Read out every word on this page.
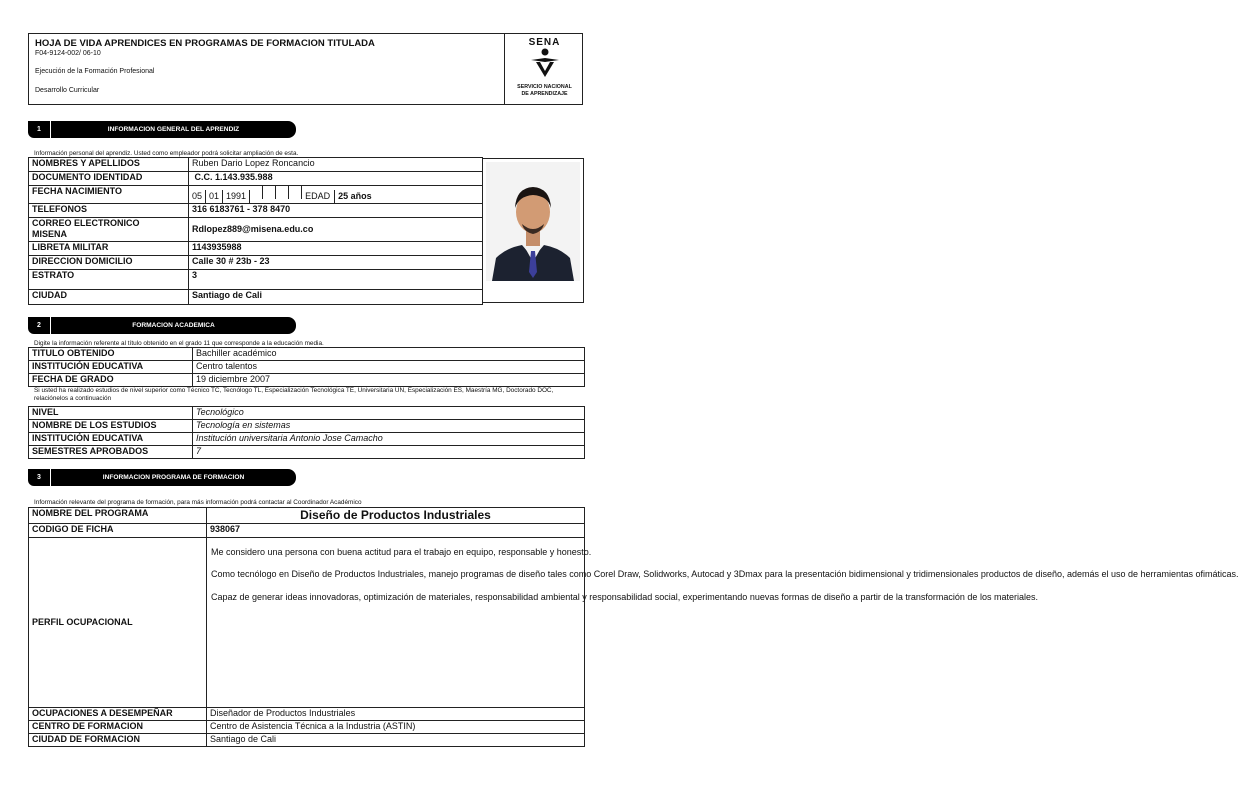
HOJA DE VIDA APRENDICES EN PROGRAMAS DE FORMACION TITULADA
F04-9124-002/ 06-10
Ejecución de la Formación Profesional
Desarrollo Curricular
SENA
SERVICIO NACIONAL
DE APRENDIZAJE
1	INFORMACION GENERAL DEL APRENDIZ
Información personal del aprendiz. Usted como empleador podrá solicitar ampliación de esta.
NOMBRES Y APELLIDOS	Ruben Dario Lopez Roncancio
DOCUMENTO IDENTIDAD	C.C. 1.143.935.988
FECHA NACIMIENTO	05 01 1991 EDAD 25 años
TELEFONOS	316 6183761 - 378 8470

CORREO ELECTRONICO
MISENA	Rdlopez889@misena.edu.co
LIBRETA MILITAR	1143935988
DIRECCION DOMICILIO	Calle 30 # 23b - 23
ESTRATO	3
CIUDAD	Santiago de Cali
2	FORMACION ACADEMICA
Digite la información referente al título obtenido en el grado 11 que corresponde a la educación media.
TITULO OBTENIDO	Bachiller académico
INSTITUCIÓN EDUCATIVA	Centro talentos
FECHA DE GRADO	19 diciembre 2007
Si usted ha realizado estudios de nivel superior como Técnico TC, Tecnólogo TL, Especialización Tecnológica TE, Universitaria UN, Especialización ES, Maestría MG, Doctorado DOC, relaciónelos a continuación
NIVEL	Tecnológico
NOMBRE DE LOS ESTUDIOS	Tecnología en sistemas
INSTITUCIÓN EDUCATIVA	Institución universitaria Antonio Jose Camacho
SEMESTRES APROBADOS	7
3	INFORMACION PROGRAMA DE FORMACION
Información relevante del programa de formación, para más información podrá contactar al Coordinador Académico
NOMBRE DEL PROGRAMA	Diseño de Productos Industriales
CODIGO DE FICHA	938067
PERFIL OCUPACIONAL	Me considero una persona con buena actitud para el trabajo en equipo, responsable y honesto.
Como tecnólogo en Diseño de Productos Industriales, manejo programas de diseño tales como Corel Draw, Solidworks, Autocad y 3Dmax para la presentación bidimensional y tridimensionales productos de diseño, además el uso de herramientas ofimáticas.
Capaz de generar ideas innovadoras, optimización de materiales, responsabilidad ambiental y responsabilidad social, experimentando nuevas formas de diseño a partir de la transformación de los materiales.

OCUPACIONES A DESEMPEÑAR	Diseñador de Productos Industriales
CENTRO DE FORMACION	Centro de Asistencia Técnica a la Industria (ASTIN)
CIUDAD DE FORMACION	Santiago de Cali
